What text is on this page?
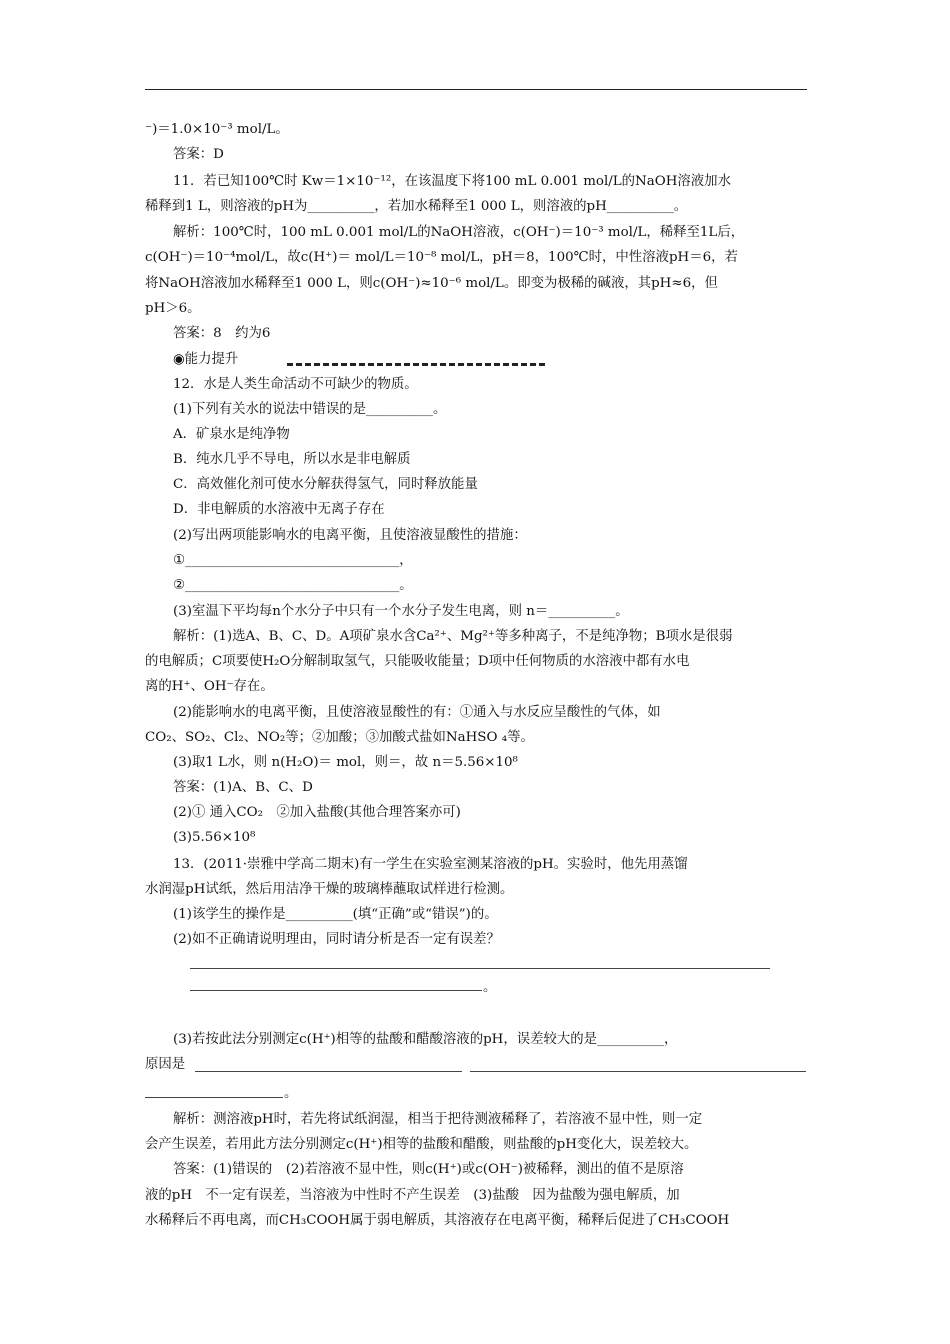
⁻)＝1.0×10⁻³ mol/L。
答案：D
11．若已知100℃时 Kw＝1×10⁻¹²，在该温度下将100 mL 0.001 mol/L的NaOH溶液加水
稀释到1 L，则溶液的pH为__________，若加水稀释至1 000 L，则溶液的pH__________。
解析：100℃时，100 mL 0.001 mol/L的NaOH溶液，c(OH⁻)＝10⁻³ mol/L，稀释至1L后，
c(OH⁻)＝10⁻⁴mol/L，故c(H⁺)＝ mol/L＝10⁻⁸ mol/L，pH＝8，100℃时，中性溶液pH＝6，若
将NaOH溶液加水稀释至1 000 L，则c(OH⁻)≈10⁻⁶ mol/L。即变为极稀的碱液，其pH≈6，但
pH＞6。
答案：8　约为6
◉能力提升
12．水是人类生命活动不可缺少的物质。
(1)下列有关水的说法中错误的是__________。
A．矿泉水是纯净物
B．纯水几乎不导电，所以水是非电解质
C．高效催化剂可使水分解获得氢气，同时释放能量
D．非电解质的水溶液中无离子存在
(2)写出两项能影响水的电离平衡，且使溶液显酸性的措施：
①________________________________，
②________________________________。
(3)室温下平均每n个水分子中只有一个水分子发生电离，则 n＝__________。
解析：(1)选A、B、C、D。A项矿泉水含Ca²⁺、Mg²⁺等多种离子，不是纯净物；B项水是很弱
的电解质；C项要使H₂O分解制取氢气，只能吸收能量；D项中任何物质的水溶液中都有水电
离的H⁺、OH⁻存在。
(2)能影响水的电离平衡，且使溶液显酸性的有：①通入与水反应呈酸性的气体，如
CO₂、SO₂、Cl₂、NO₂等；②加酸；③加酸式盐如NaHSO ₄等。
(3)取1 L水，则 n(H₂O)＝ mol，则＝，故 n＝5.56×10⁸
答案：(1)A、B、C、D
(2)① 通入CO₂　②加入盐酸(其他合理答案亦可)
(3)5.56×10⁸
13．(2011·崇雅中学高二期末)有一学生在实验室测某溶液的pH。实验时，他先用蒸馏
水润湿pH试纸，然后用洁净干燥的玻璃棒蘸取试样进行检测。
(1)该学生的操作是__________(填“正确”或“错误”)的。
(2)如不正确请说明理由，同时请分析是否一定有误差？
。
(3)若按此法分别测定c(H⁺)相等的盐酸和醋酸溶液的pH，误差较大的是__________，
原因是
。
解析：测溶液pH时，若先将试纸润湿，相当于把待测液稀释了，若溶液不显中性，则一定
会产生误差，若用此方法分别测定c(H⁺)相等的盐酸和醋酸，则盐酸的pH变化大，误差较大。
答案：(1)错误的　(2)若溶液不显中性，则c(H⁺)或c(OH⁻)被稀释，测出的值不是原溶
液的pH　不一定有误差，当溶液为中性时不产生误差　(3)盐酸　因为盐酸为强电解质，加
水稀释后不再电离，而CH₃COOH属于弱电解质，其溶液存在电离平衡，稀释后促进了CH₃COOH
